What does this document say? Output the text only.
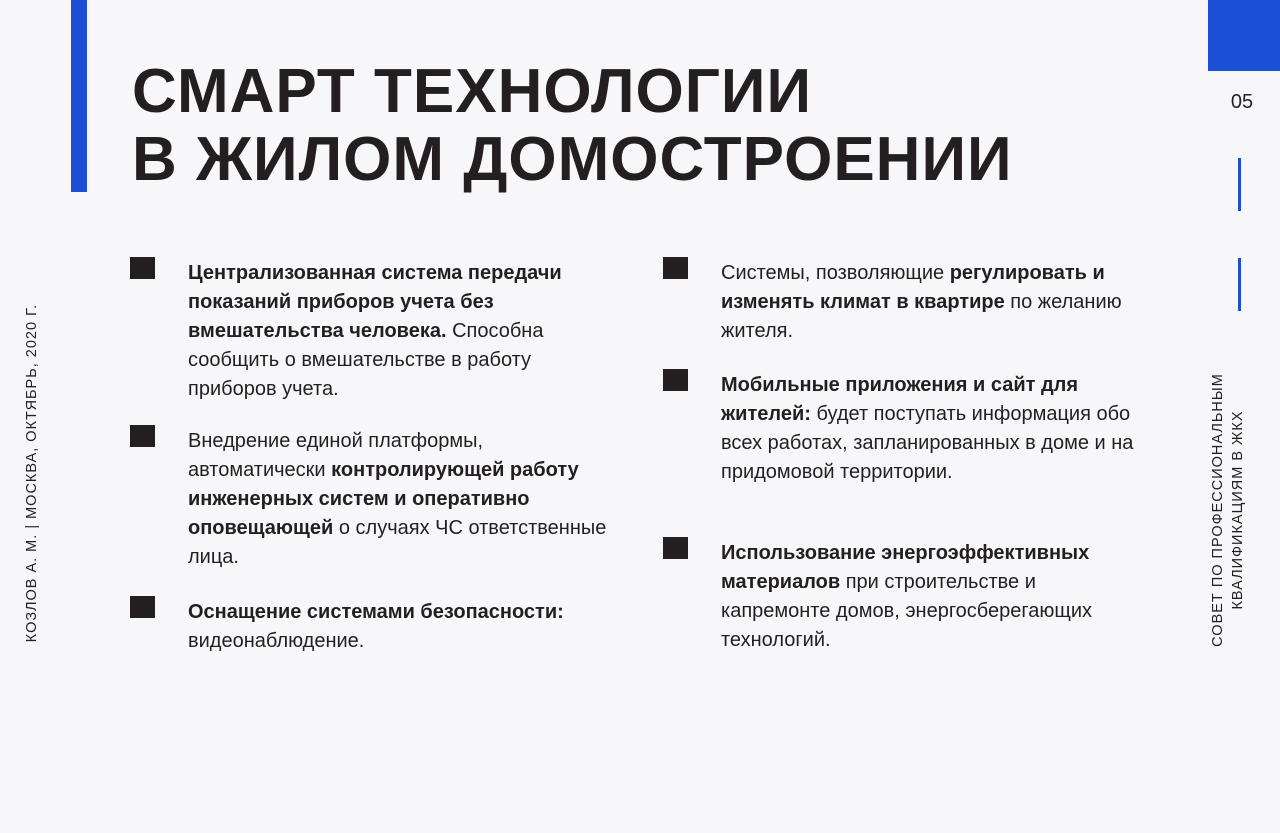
05
СМАРТ ТЕХНОЛОГИИ
В ЖИЛОМ ДОМОСТРОЕНИИ
КОЗЛОВ А. М. | МОСКВА, ОКТЯБРЬ, 2020 Г.	СОВЕТ ПО ПРОФЕССИОНАЛЬНЫМ КВАЛИФИКАЦИЯМ В ЖКХ
Централизованная система передачи показаний приборов учета без вмешательства человека. Способна сообщить о вмешательстве в работу приборов учета.
Внедрение единой платформы, автоматически контролирующей работу инженерных систем и оперативно оповещающей о случаях ЧС ответственные лица.
Оснащение системами безопасности: видеонаблюдение.
Системы, позволяющие регулировать и изменять климат в квартире по желанию жителя.
Мобильные приложения и сайт для жителей: будет поступать информация обо всех работах, запланированных в доме и на придомовой территории.
Использование энергоэффективных материалов при строительстве и капремонте домов, энергосберегающих технологий.
